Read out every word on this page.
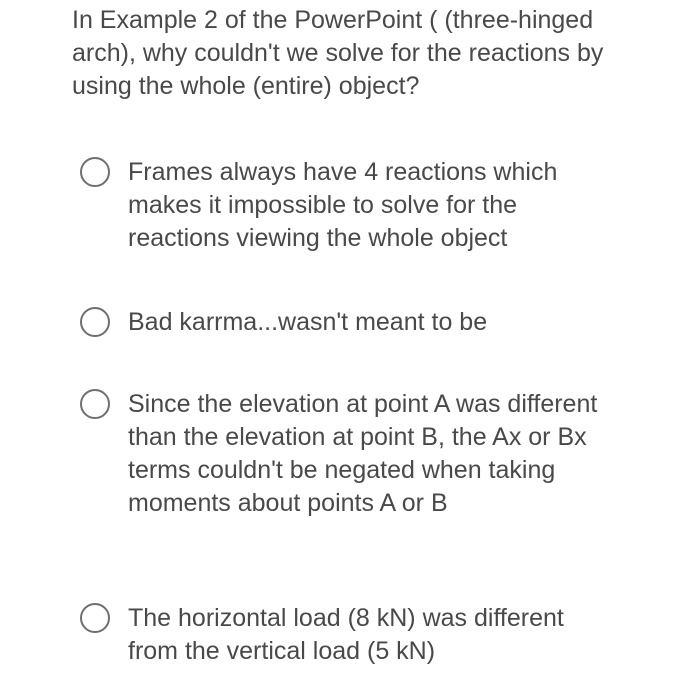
In Example 2 of the PowerPoint ( (three-hinged arch), why couldn't we solve for the reactions by using the whole (entire) object?
Frames always have 4 reactions which makes it impossible to solve for the reactions viewing the whole object
Bad karrma...wasn't meant to be
Since the elevation at point A was different than the elevation at point B, the Ax or Bx terms couldn't be negated when taking moments about points A or B
The horizontal load (8 kN) was different from the vertical load (5 kN)
